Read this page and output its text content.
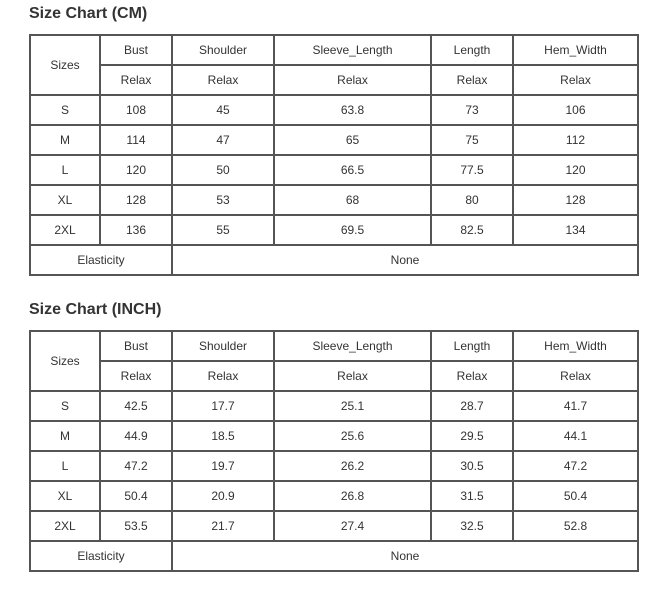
Size Chart (CM)
Sizes	Bust	Shoulder	Sleeve_Length	Length	Hem_Width
	Relax	Relax	Relax	Relax	Relax
S	108	45	63.8	73	106
M	114	47	65	75	112
L	120	50	66.5	77.5	120
XL	128	53	68	80	128
2XL	136	55	69.5	82.5	134
Elasticity		None			
Size Chart (INCH)
Sizes	Bust	Shoulder	Sleeve_Length	Length	Hem_Width
	Relax	Relax	Relax	Relax	Relax
S	42.5	17.7	25.1	28.7	41.7
M	44.9	18.5	25.6	29.5	44.1
L	47.2	19.7	26.2	30.5	47.2
XL	50.4	20.9	26.8	31.5	50.4
2XL	53.5	21.7	27.4	32.5	52.8
Elasticity		None			
